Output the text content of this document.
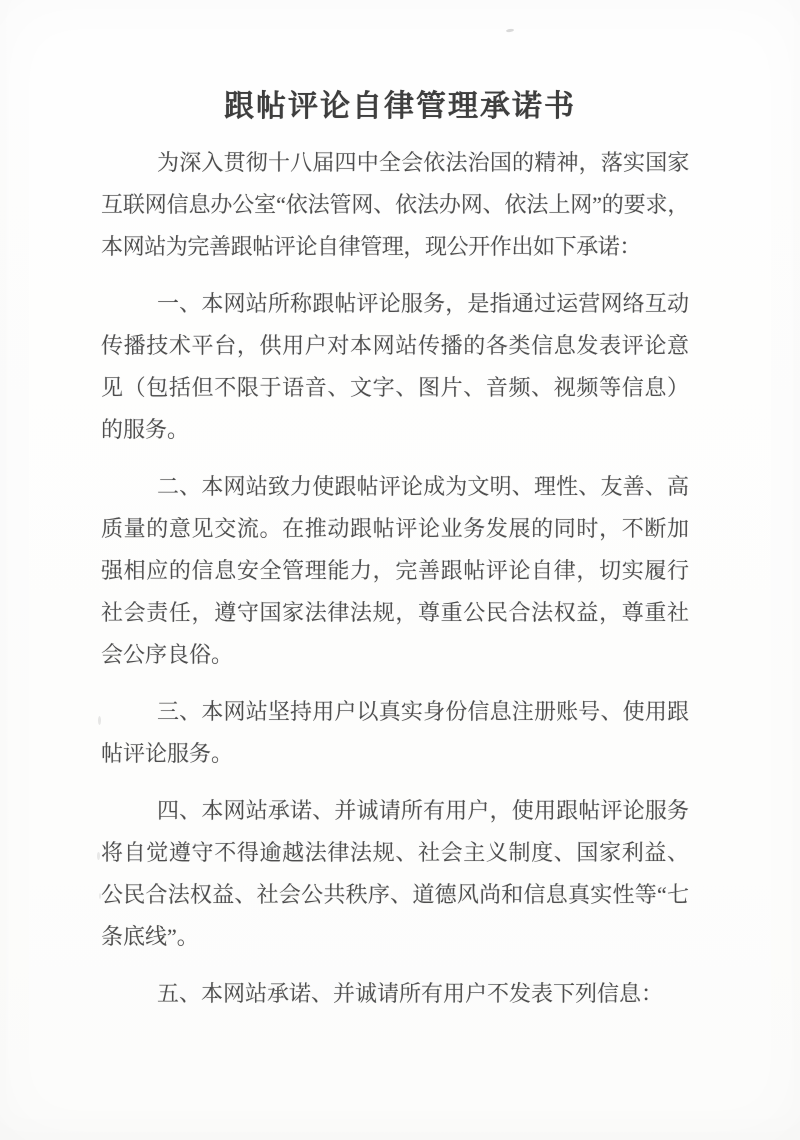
跟帖评论自律管理承诺书

为深入贯彻十八届四中全会依法治国的精神，落实国家互联网信息办公室“依法管网、依法办网、依法上网”的要求，本网站为完善跟帖评论自律管理，现公开作出如下承诺：

一、本网站所称跟帖评论服务，是指通过运营网络互动传播技术平台，供用户对本网站传播的各类信息发表评论意见（包括但不限于语音、文字、图片、音频、视频等信息）的服务。

二、本网站致力使跟帖评论成为文明、理性、友善、高质量的意见交流。在推动跟帖评论业务发展的同时，不断加强相应的信息安全管理能力，完善跟帖评论自律，切实履行社会责任，遵守国家法律法规，尊重公民合法权益，尊重社会公序良俗。

三、本网站坚持用户以真实身份信息注册账号、使用跟帖评论服务。

四、本网站承诺、并诚请所有用户，使用跟帖评论服务将自觉遵守不得逾越法律法规、社会主义制度、国家利益、公民合法权益、社会公共秩序、道德风尚和信息真实性等“七条底线”。

五、本网站承诺、并诚请所有用户不发表下列信息：
